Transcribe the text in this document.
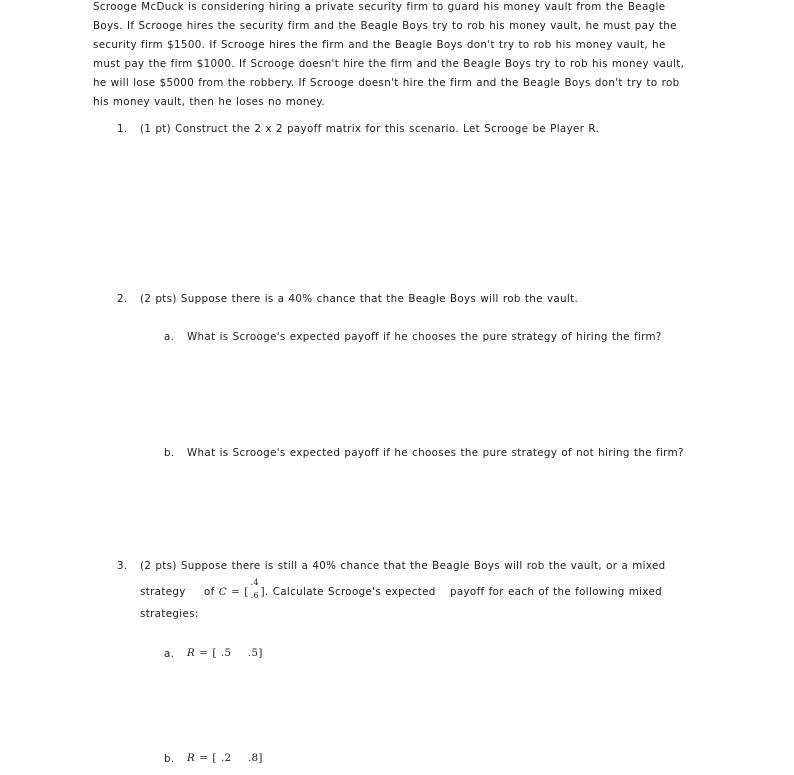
Scrooge McDuck is considering hiring a private security firm to guard his money vault from the Beagle
Boys. If Scrooge hires the security firm and the Beagle Boys try to rob his money vault, he must pay the
security firm $1500. If Scrooge hires the firm and the Beagle Boys don't try to rob his money vault, he
must pay the firm $1000. If Scrooge doesn't hire the firm and the Beagle Boys try to rob his money vault,
he will lose $5000 from the robbery. If Scrooge doesn't hire the firm and the Beagle Boys don't try to rob
his money vault, then he loses no money.
1. (1 pt) Construct the 2 x 2 payoff matrix for this scenario. Let Scrooge be Player R.
2. (2 pts) Suppose there is a 40% chance that the Beagle Boys will rob the vault.
a. What is Scrooge's expected payoff if he chooses the pure strategy of hiring the firm?
b. What is Scrooge's expected payoff if he chooses the pure strategy of not hiring the firm?
3. (2 pts) Suppose there is still a 40% chance that the Beagle Boys will rob the vault, or a mixed
strategy of C = [
.4
.6 ]. Calculate Scrooge's expected payoff for each of the following mixed
strategies:
a. R = [ .5    .5]
b. R = [ .2    .8]
